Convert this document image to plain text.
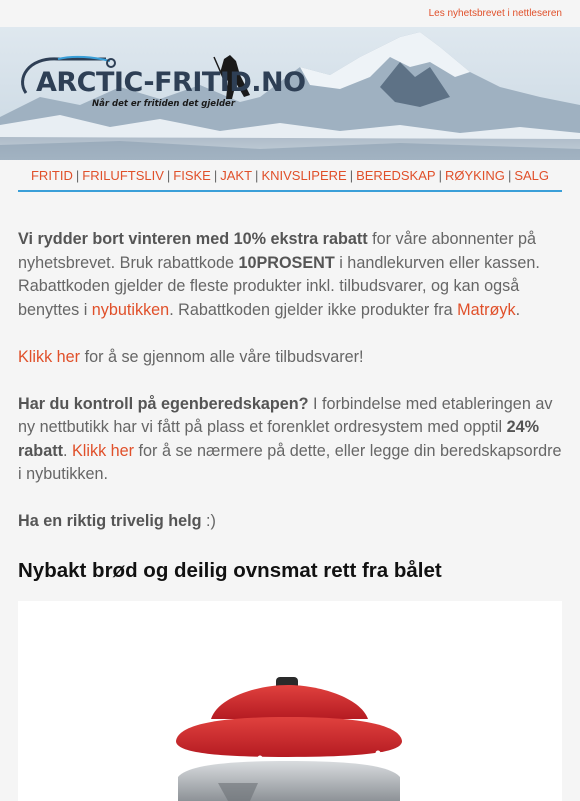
Les nyhetsbrevet i nettleseren
ARCTIC-FRITID.NO
Når det er fritiden det gjelder
FRITID | FRILUFTSLIV | FISKE | JAKT | KNIVSLIPERE | BEREDSKAP | RØYKING | SALG

Vi rydder bort vinteren med 10% ekstra rabatt for våre abonnenter på nyhetsbrevet. Bruk rabattkode 10PROSENT i handlekurven eller kassen. Rabattkoden gjelder de fleste produkter inkl. tilbudsvarer, og kan også benyttes i nybutikken. Rabattkoden gjelder ikke produkter fra Matrøyk.

Klikk her for å se gjennom alle våre tilbudsvarer!

Har du kontroll på egenberedskapen? I forbindelse med etableringen av ny nettbutikk har vi fått på plass et forenklet ordresystem med opptil 24% rabatt. Klikk her for å se nærmere på dette, eller legge din beredskapsordre i nybutikken.

Ha en riktig trivelig helg :)

Nybakt brød og deilig ovnsmat rett fra bålet
